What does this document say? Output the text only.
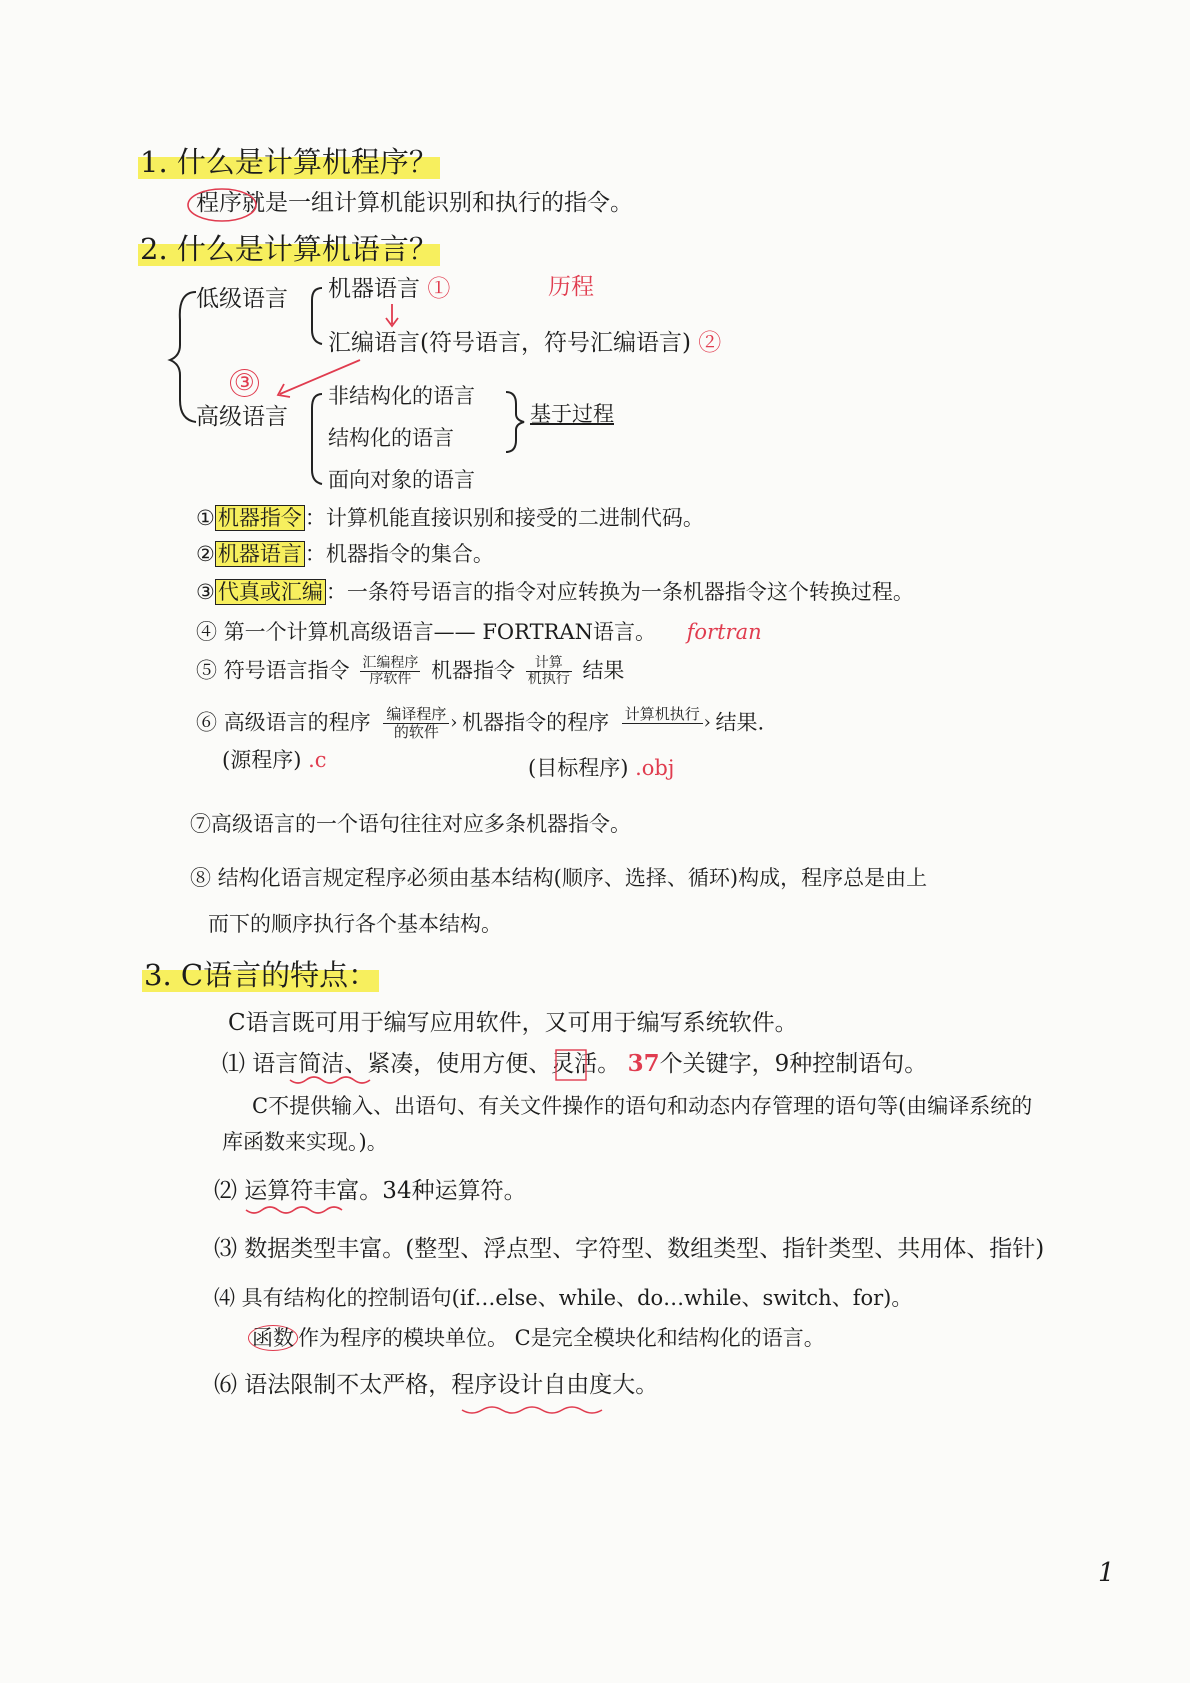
1. 什么是计算机程序？
程序就是一组计算机能识别和执行的指令。
2. 什么是计算机语言？
低级语言 机器语言 ①	历程
汇编语言(符号语言，符号汇编语言) ②
③
高级语言
非结构化的语言
结构化的语言
面向对象的语言
基于过程
① 机器指令 ：计算机能直接识别和接受的二进制代码。
② 机器语言 ：机器指令的集合。
③ 代真或汇编 ：一条符号语言的指令对应转换为一条机器指令这个转换过程。
④ 第一个计算机高级语言—— FORTRAN语言。 fortran
⑤ 符号语言指令 $\frac{\text{汇编程序}}{\text{序软件}}$ 机器指令 $\frac{\text{计算}}{\text{机执行}}$ 结果
⑥ 高级语言的程序 $\frac{\text{编译程序 ›}}{\text{的软件}}$ 机器指令的程序 计算机执行 ›
结果.
(源程序) .c	(目标程序) .obj
⑦高级语言的一个语句往往对应多条机器指令。
⑧ 结构化语言规定程序必须由基本结构(顺序、选择、循环)构成，程序总是由上
而下的顺序执行各个基本结构。
3. C语言的特点：
C语言既可用于编写应用软件，又可用于编写系统软件。
⑴ 语言简洁、紧凑，使用方便、灵活。 37个关键字，9种控制语句。
C不提供输入、出语句、有关文件操作的语句和动态内存管理的语句等(由编译系统的
库函数来实现。)。
⑵ 运算符丰富。34种运算符。
⑶ 数据类型丰富。(整型、浮点型、字符型、数组类型、指针类型、共用体、指针)
⑷ 具有结构化的控制语句(if…else、while、do…while、switch、for)。
函数 作为程序的模块单位。 C是完全模块化和结构化的语言。
⑹ 语法限制不太严格，程序设计自由度大。
1
